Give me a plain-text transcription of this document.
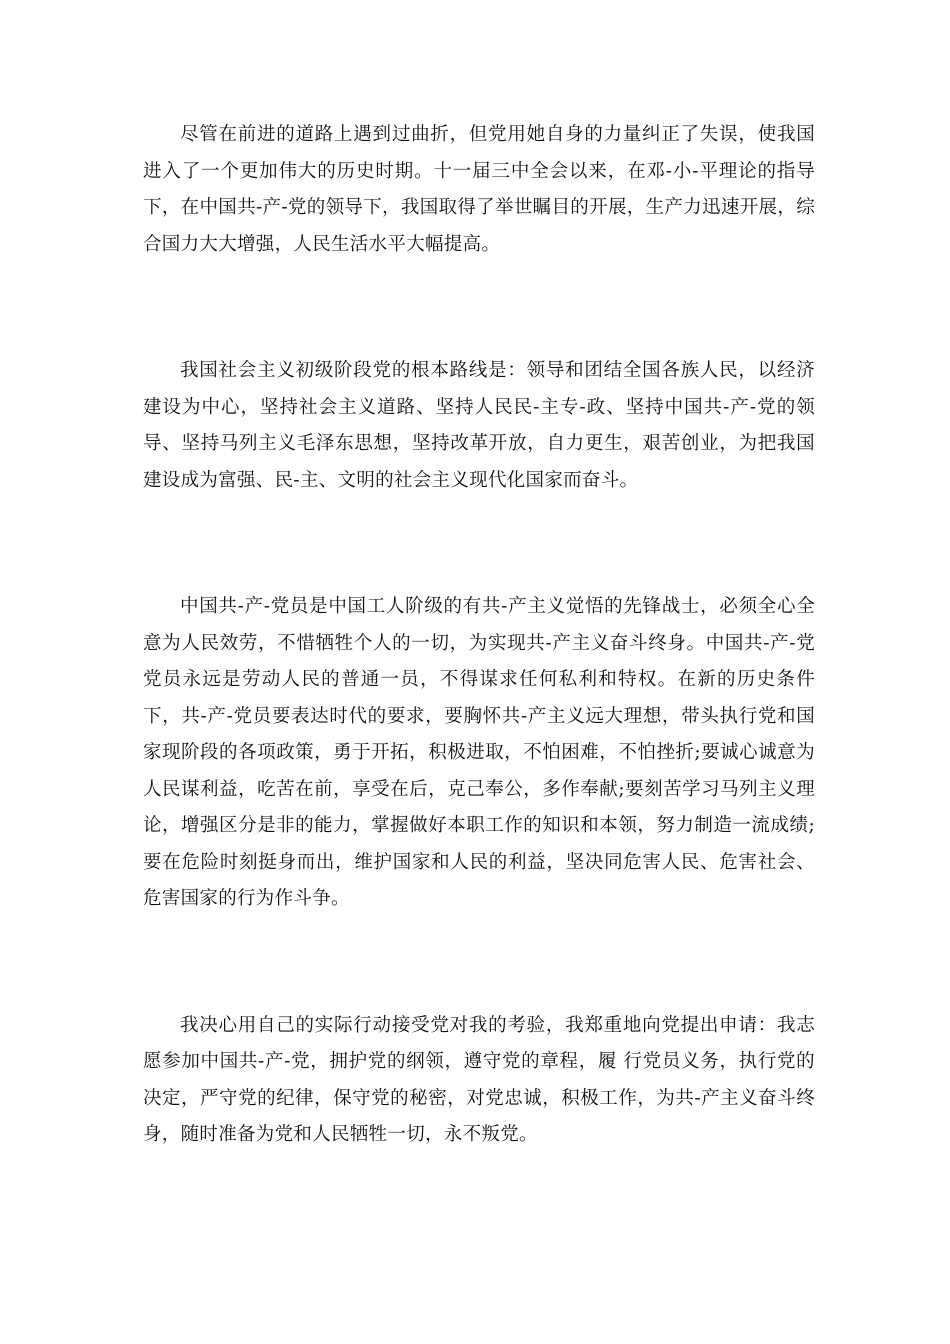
尽管在前进的道路上遇到过曲折，但党用她自身的力量纠正了失误，使我国进入了一个更加伟大的历史时期。十一届三中全会以来，在邓-小-平理论的指导下，在中国共-产-党的领导下，我国取得了举世瞩目的开展，生产力迅速开展，综合国力大大增强，人民生活水平大幅提高。

我国社会主义初级阶段党的根本路线是：领导和团结全国各族人民，以经济建设为中心，坚持社会主义道路、坚持人民民-主专-政、坚持中国共-产-党的领导、坚持马列主义毛泽东思想，坚持改革开放，自力更生，艰苦创业，为把我国建设成为富强、民-主、文明的社会主义现代化国家而奋斗。

中国共-产-党员是中国工人阶级的有共-产主义觉悟的先锋战士，必须全心全意为人民效劳，不惜牺牲个人的一切，为实现共-产主义奋斗终身。中国共-产-党党员永远是劳动人民的普通一员，不得谋求任何私利和特权。在新的历史条件下，共-产-党员要表达时代的要求，要胸怀共-产主义远大理想，带头执行党和国家现阶段的各项政策，勇于开拓，积极进取，不怕困难，不怕挫折;要诚心诚意为人民谋利益，吃苦在前，享受在后，克己奉公，多作奉献;要刻苦学习马列主义理论，增强区分是非的能力，掌握做好本职工作的知识和本领，努力制造一流成绩;要在危险时刻挺身而出，维护国家和人民的利益，坚决同危害人民、危害社会、危害国家的行为作斗争。

我决心用自己的实际行动接受党对我的考验，我郑重地向党提出申请：我志愿参加中国共-产-党，拥护党的纲领，遵守党的章程，履 行党员义务，执行党的决定，严守党的纪律，保守党的秘密，对党忠诚，积极工作，为共-产主义奋斗终身，随时准备为党和人民牺牲一切，永不叛党。
